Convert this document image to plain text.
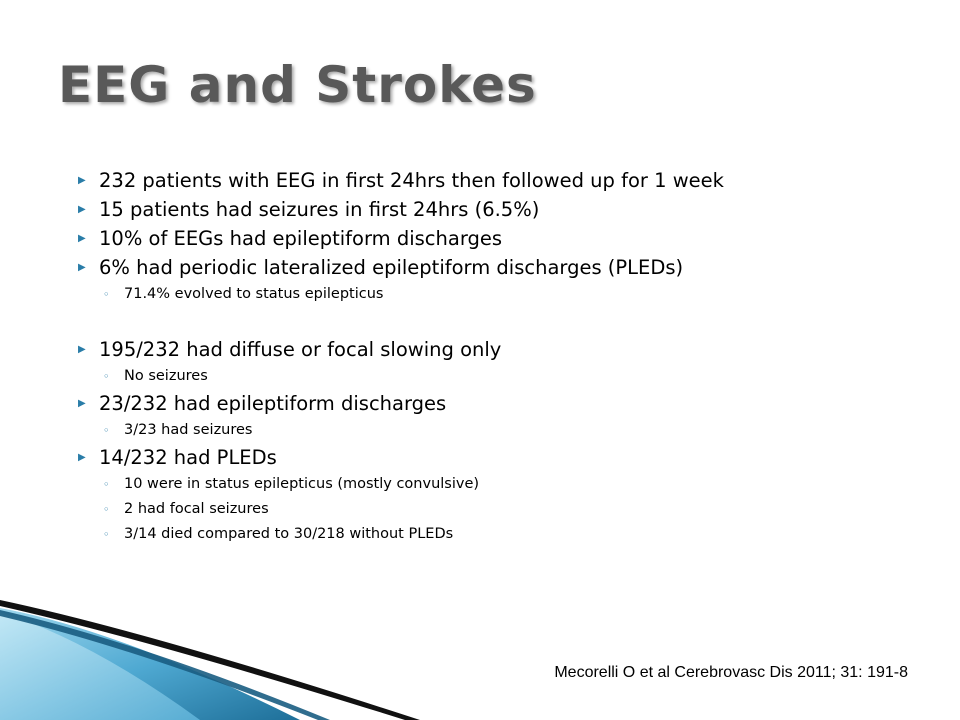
EEG and Strokes
▶ 232 patients with EEG in first 24hrs then followed up for 1 week
▶ 15 patients had seizures in first 24hrs (6.5%)
▶ 10% of EEGs had epileptiform discharges
▶ 6% had periodic lateralized epileptiform discharges (PLEDs)
◦ 71.4% evolved to status epilepticus
▶ 195/232 had diffuse or focal slowing only
◦ No seizures
▶ 23/232 had epileptiform discharges
◦ 3/23 had seizures
▶ 14/232 had PLEDs
◦ 10 were in status epilepticus (mostly convulsive)
◦ 2 had focal seizures
◦ 3/14 died compared to 30/218 without PLEDs
Mecorelli O et al Cerebrovasc Dis 2011; 31: 191-8
